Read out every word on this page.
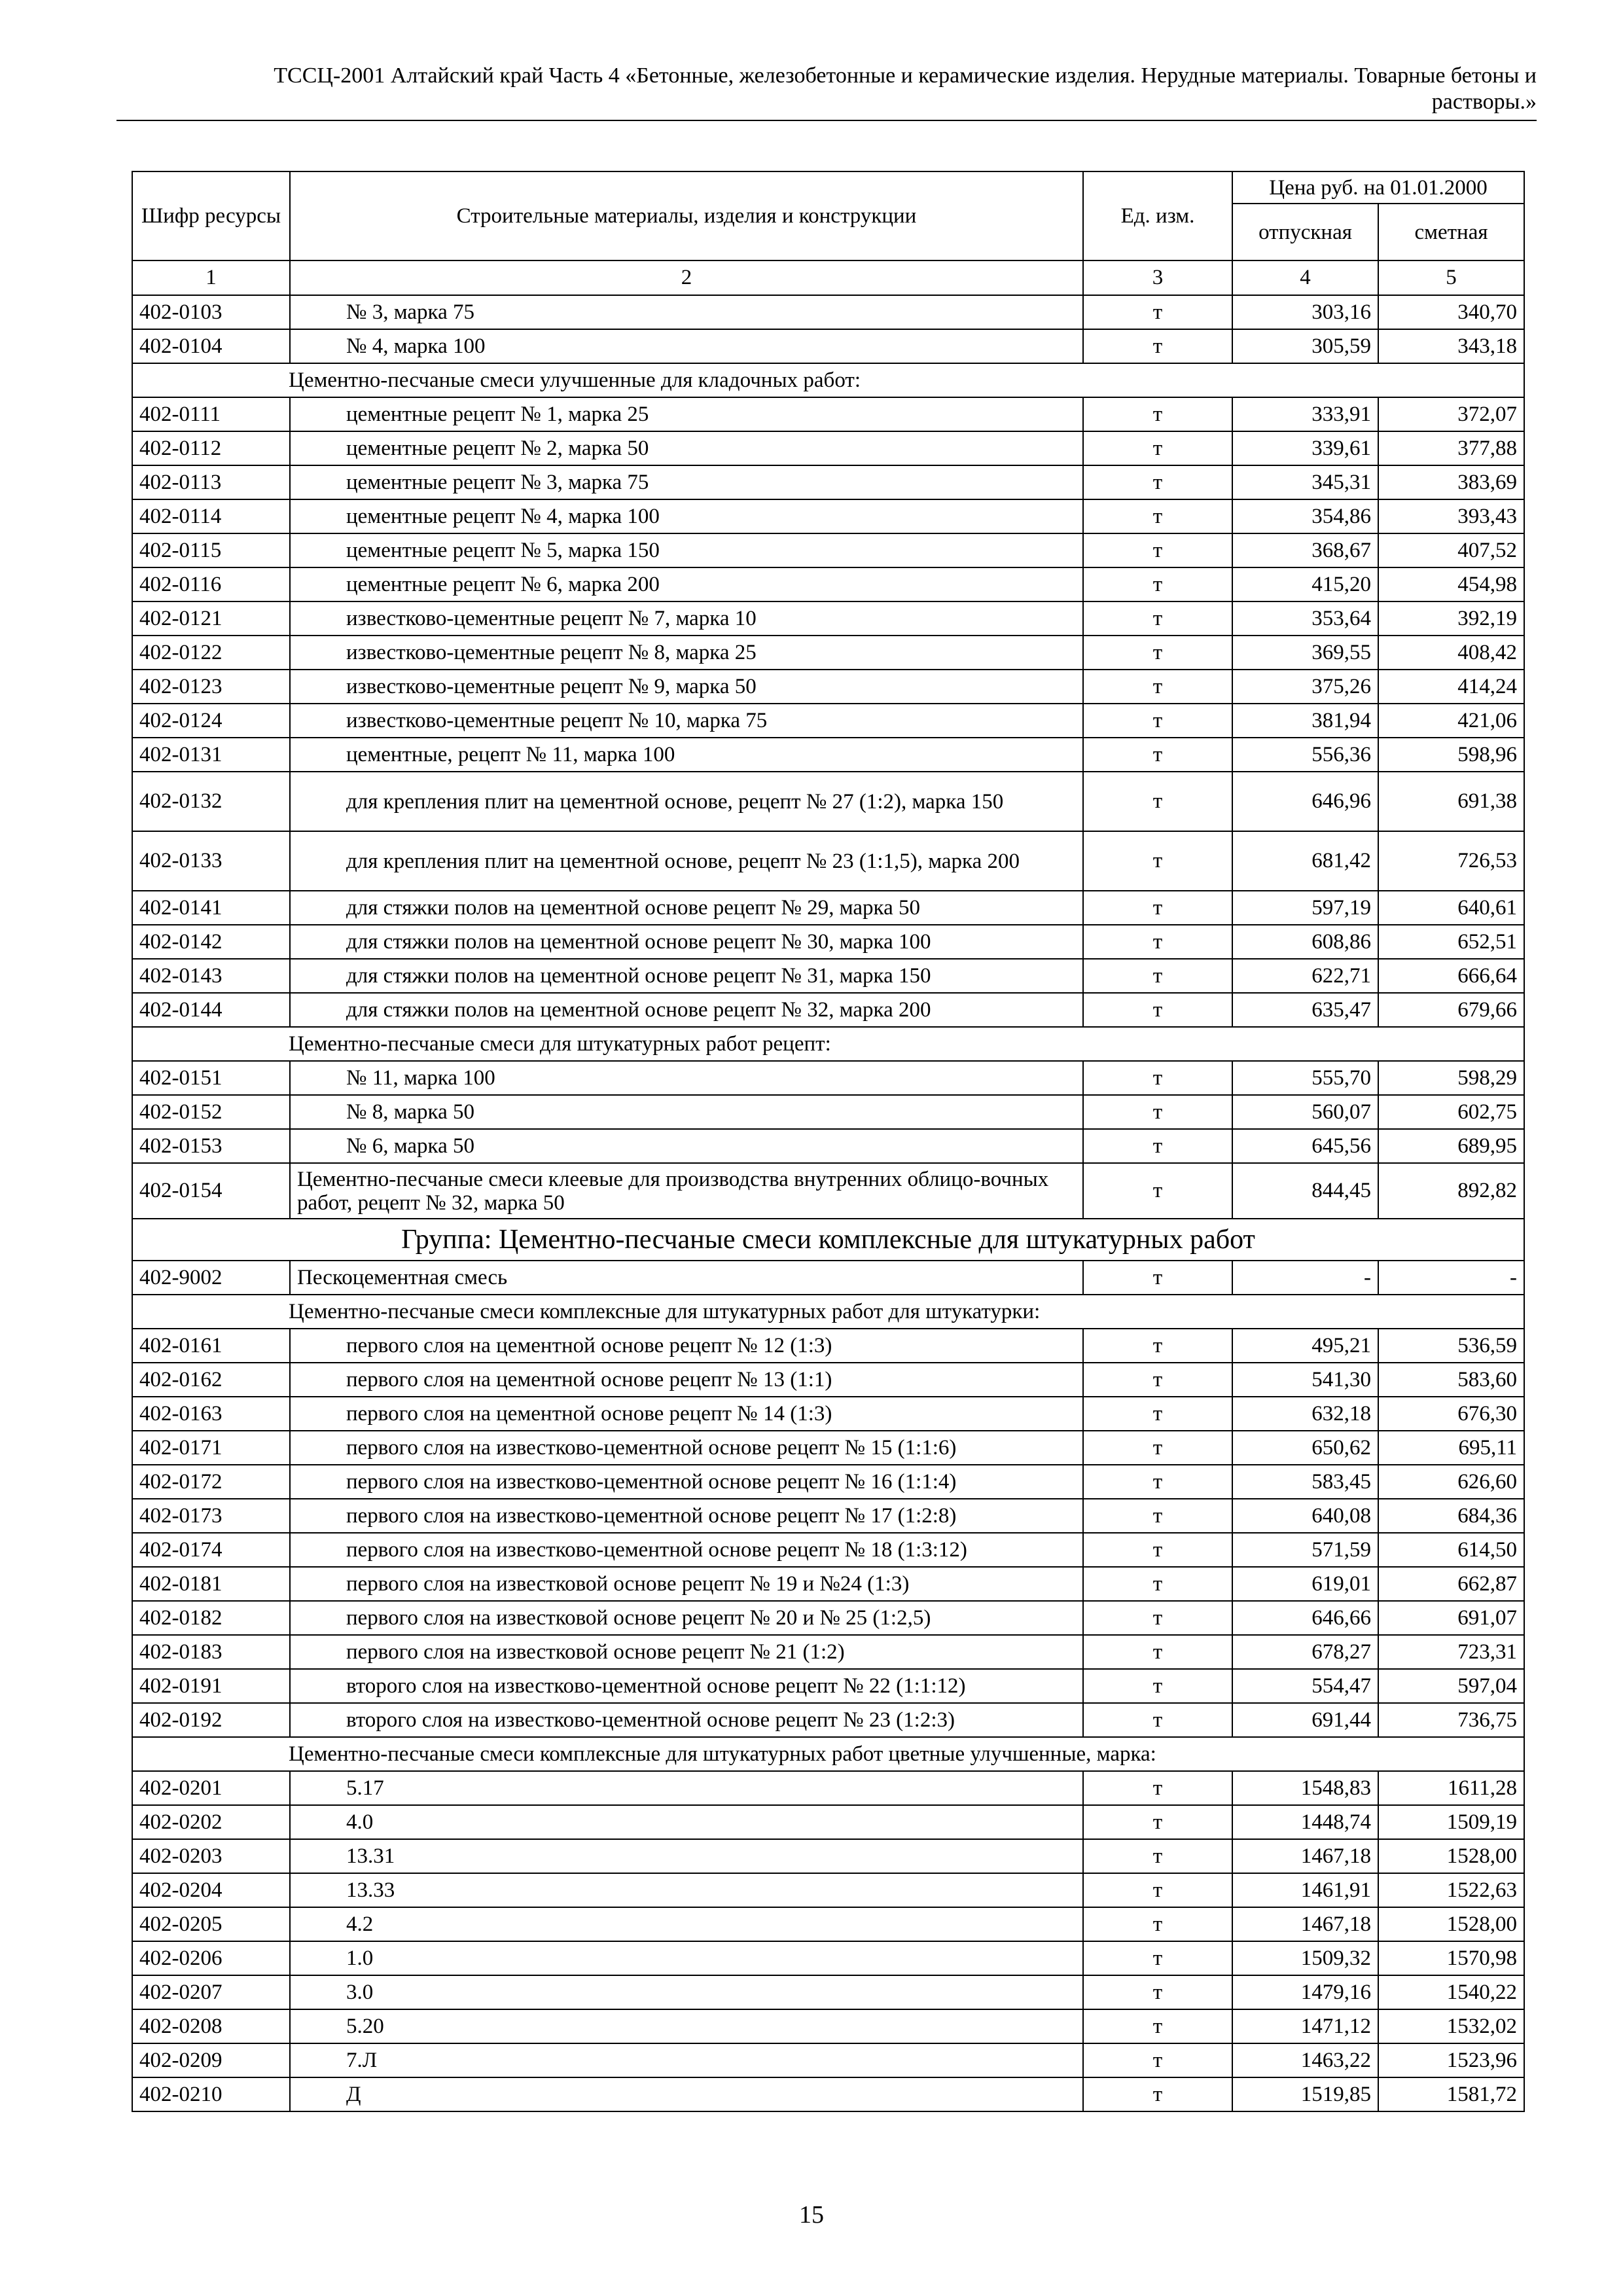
ТССЦ-2001 Алтайский край Часть 4 «Бетонные, железобетонные и керамические изделия. Нерудные материалы. Товарные бетоны и
растворы.»
Шифр ресурсы	Строительные материалы, изделия и конструкции	Ед. изм.	Цена руб. на 01.01.2000	
			отпускная	сметная
1	2	3	4	5
402-0103	№ 3, марка 75	т	303,16	340,70
402-0104	№ 4, марка 100	т	305,59	343,18
Цементно-песчаные смеси улучшенные для кладочных работ:				
402-0111	цементные рецепт № 1, марка 25	т	333,91	372,07
402-0112	цементные рецепт № 2, марка 50	т	339,61	377,88
402-0113	цементные рецепт № 3, марка 75	т	345,31	383,69
402-0114	цементные рецепт № 4, марка 100	т	354,86	393,43
402-0115	цементные рецепт № 5, марка 150	т	368,67	407,52
402-0116	цементные рецепт № 6, марка 200	т	415,20	454,98
402-0121	известково-цементные рецепт № 7, марка 10	т	353,64	392,19
402-0122	известково-цементные рецепт № 8, марка 25	т	369,55	408,42
402-0123	известково-цементные рецепт № 9, марка 50	т	375,26	414,24
402-0124	известково-цементные рецепт № 10, марка 75	т	381,94	421,06
402-0131	цементные, рецепт № 11, марка 100	т	556,36	598,96
402-0132	для крепления плит на цементной основе, рецепт № 27 (1:2), марка 150	т	646,96	691,38
402-0133	для крепления плит на цементной основе, рецепт № 23 (1:1,5), марка 200	т	681,42	726,53
402-0141	для стяжки полов на цементной основе рецепт № 29, марка 50	т	597,19	640,61
402-0142	для стяжки полов на цементной основе рецепт № 30, марка 100	т	608,86	652,51
402-0143	для стяжки полов на цементной основе рецепт № 31, марка 150	т	622,71	666,64
402-0144	для стяжки полов на цементной основе рецепт № 32, марка 200	т	635,47	679,66
Цементно-песчаные смеси для штукатурных работ рецепт:				
402-0151	№ 11, марка 100	т	555,70	598,29
402-0152	№ 8, марка 50	т	560,07	602,75
402-0153	№ 6, марка 50	т	645,56	689,95
402-0154	Цементно-песчаные смеси клеевые для производства внутренних облицо-вочных работ, рецепт № 32, марка 50	т	844,45	892,82
Группа: Цементно-песчаные смеси комплексные для штукатурных работ				
402-9002	Пескоцементная смесь	т	-	-
Цементно-песчаные смеси комплексные для штукатурных работ для штукатурки:				
402-0161	первого слоя на цементной основе рецепт № 12 (1:3)	т	495,21	536,59
402-0162	первого слоя на цементной основе рецепт № 13 (1:1)	т	541,30	583,60
402-0163	первого слоя на цементной основе рецепт № 14 (1:3)	т	632,18	676,30
402-0171	первого слоя на известково-цементной основе рецепт № 15 (1:1:6)	т	650,62	695,11
402-0172	первого слоя на известково-цементной основе рецепт № 16 (1:1:4)	т	583,45	626,60
402-0173	первого слоя на известково-цементной основе рецепт № 17 (1:2:8)	т	640,08	684,36
402-0174	первого слоя на известково-цементной основе рецепт № 18 (1:3:12)	т	571,59	614,50
402-0181	первого слоя на известковой основе рецепт № 19 и №24 (1:3)	т	619,01	662,87
402-0182	первого слоя на известковой основе рецепт № 20 и № 25 (1:2,5)	т	646,66	691,07
402-0183	первого слоя на известковой основе рецепт № 21 (1:2)	т	678,27	723,31
402-0191	второго слоя на известково-цементной основе рецепт № 22 (1:1:12)	т	554,47	597,04
402-0192	второго слоя на известково-цементной основе рецепт № 23 (1:2:3)	т	691,44	736,75
Цементно-песчаные смеси комплексные для штукатурных работ цветные улучшенные, марка:				
402-0201	5.17	т	1548,83	1611,28
402-0202	4.0	т	1448,74	1509,19
402-0203	13.31	т	1467,18	1528,00
402-0204	13.33	т	1461,91	1522,63
402-0205	4.2	т	1467,18	1528,00
402-0206	1.0	т	1509,32	1570,98
402-0207	3.0	т	1479,16	1540,22
402-0208	5.20	т	1471,12	1532,02
402-0209	7.Л	т	1463,22	1523,96
402-0210	Д	т	1519,85	1581,72
15
